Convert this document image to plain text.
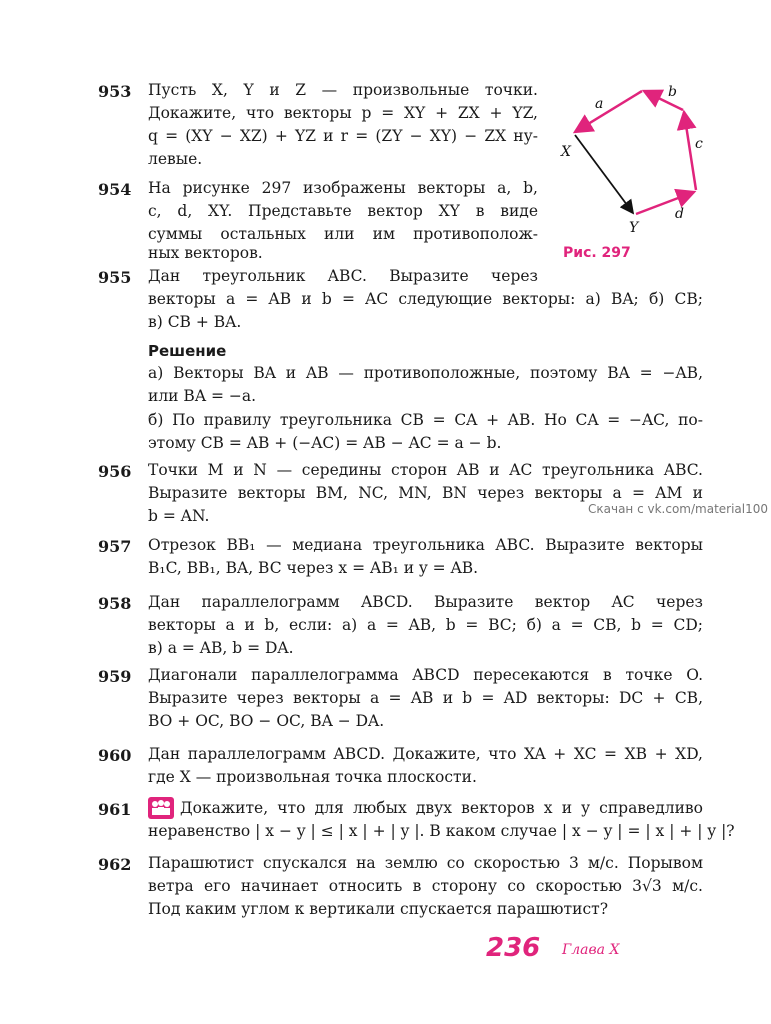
953	Пусть X, Y и Z — произвольные точки.
Докажите, что векторы p = XY + ZX + YZ,
q = (XY − XZ) + YZ и r = (ZY − XY) − ZX ну-
левые.
954	На рисунке 297 изображены векторы a, b,
c, d, XY. Представьте вектор XY в виде
суммы остальных или им противополож-
ных векторов.
a
b
c
d
X
Y
Рис. 297
955	Дан треугольник ABC. Выразите через
векторы a = AB и b = AC следующие векторы: а) BA; б) CB;
в) CB + BA.
Решение
а) Векторы BA и AB — противоположные, поэтому BA = −AB,
или BA = −a.
б) По правилу треугольника CB = CA + AB. Но CA = −AC, по-
этому CB = AB + (−AC) = AB − AC = a − b.
956	Точки M и N — середины сторон AB и AC треугольника ABC.
Выразите векторы BM, NC, MN, BN через векторы a = AM и
b = AN.	Скачан с vk.com/material100
957	Отрезок BB₁ — медиана треугольника ABC. Выразите векторы
B₁C, BB₁, BA, BC через x = AB₁ и y = AB.
958	Дан параллелограмм ABCD. Выразите вектор AC через
векторы a и b, если: а) a = AB, b = BC; б) a = CB, b = CD;
в) a = AB, b = DA.
959	Диагонали параллелограмма ABCD пересекаются в точке O.
Выразите через векторы a = AB и b = AD векторы: DC + CB,
BO + OC, BO − OC, BA − DA.
960	Дан параллелограмм ABCD. Докажите, что XA + XC = XB + XD,
где X — произвольная точка плоскости.
961	Докажите, что для любых двух векторов x и y справедливо
неравенство | x − y | ≤ | x | + | y |. В каком случае | x − y | = | x | + | y |?
962	Парашютист спускался на землю со скоростью 3 м/с. Порывом
ветра его начинает относить в сторону со скоростью 3√3 м/с.
Под каким углом к вертикали спускается парашютист?
236 Глава X
